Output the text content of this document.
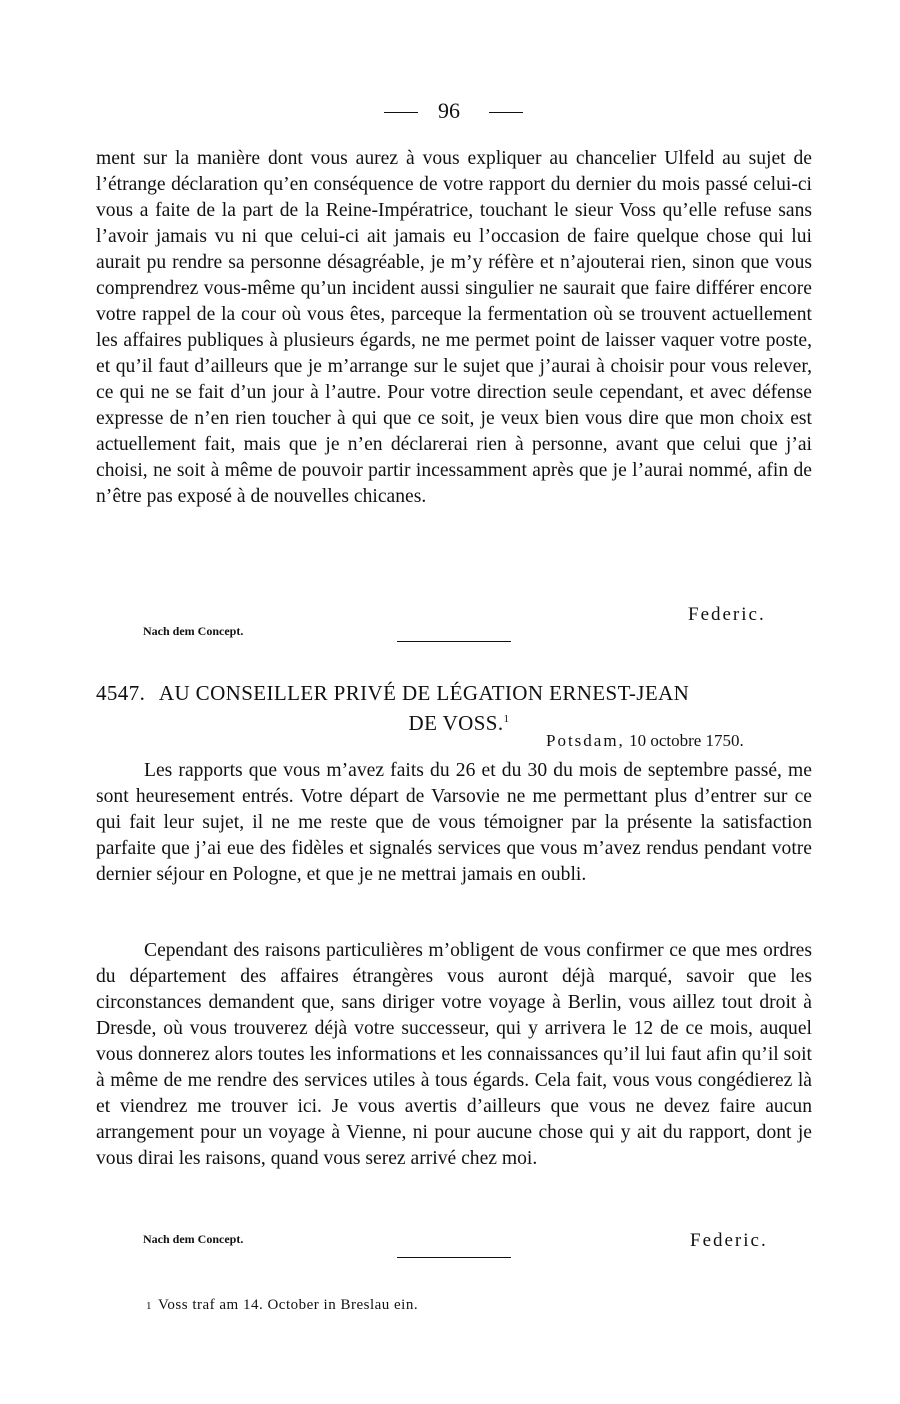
96

ment sur la manière dont vous aurez à vous expliquer au chancelier Ulfeld au sujet de l’étrange déclaration qu’en conséquence de votre rapport du dernier du mois passé celui-ci vous a faite de la part de la Reine-Impératrice, touchant le sieur Voss qu’elle refuse sans l’avoir jamais vu ni que celui-ci ait jamais eu l’occasion de faire quelque chose qui lui aurait pu rendre sa personne désagréable, je m’y réfère et n’ajouterai rien, sinon que vous comprendrez vous-même qu’un incident aussi singulier ne saurait que faire différer encore votre rappel de la cour où vous êtes, parceque la fermentation où se trouvent actuellement les affaires publiques à plusieurs égards, ne me permet point de laisser vaquer votre poste, et qu’il faut d’ailleurs que je m’arrange sur le sujet que j’aurai à choisir pour vous relever, ce qui ne se fait d’un jour à l’autre. Pour votre direction seule cependant, et avec défense expresse de n’en rien toucher à qui que ce soit, je veux bien vous dire que mon choix est actuellement fait, mais que je n’en déclarerai rien à personne, avant que celui que j’ai choisi, ne soit à même de pouvoir partir incessamment après que je l’aurai nommé, afin de n’être pas exposé à de nouvelles chicanes.

Federic.
Nach dem Concept.
4547. AU CONSEILLER PRIVÉ DE LÉGATION ERNEST-JEAN
DE VOSS.$^1$
Potsdam, 10 octobre 1750.

Les rapports que vous m’avez faits du 26 et du 30 du mois de septembre passé, me sont heuresement entrés. Votre départ de Varsovie ne me permettant plus d’entrer sur ce qui fait leur sujet, il ne me reste que de vous témoigner par la présente la satisfaction parfaite que j’ai eue des fidèles et signalés services que vous m’avez rendus pendant votre dernier séjour en Pologne, et que je ne mettrai jamais en oubli.

Cependant des raisons particulières m’obligent de vous confirmer ce que mes ordres du département des affaires étrangères vous auront déjà marqué, savoir que les circonstances demandent que, sans diriger votre voyage à Berlin, vous aillez tout droit à Dresde, où vous trouverez déjà votre successeur, qui y arrivera le 12 de ce mois, auquel vous donnerez alors toutes les informations et les connaissances qu’il lui faut afin qu’il soit à même de me rendre des services utiles à tous égards. Cela fait, vous vous congédierez là et viendrez me trouver ici. Je vous avertis d’ailleurs que vous ne devez faire aucun arrangement pour un voyage à Vienne, ni pour aucune chose qui y ait du rapport, dont je vous dirai les raisons, quand vous serez arrivé chez moi.

Nach dem Concept.	Federic.
1 Voss traf am 14. October in Breslau ein.
